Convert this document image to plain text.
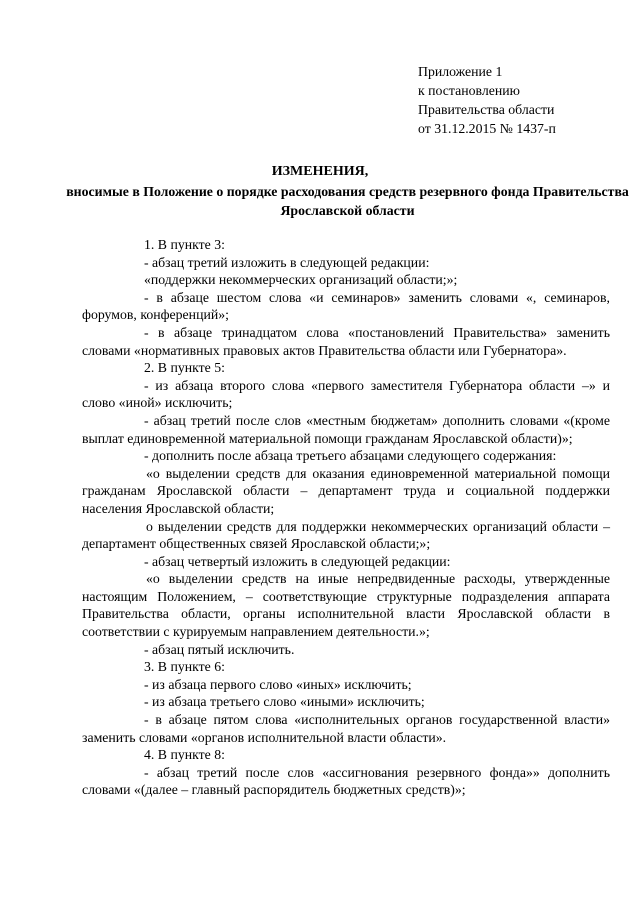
Приложение 1
к постановлению
Правительства области
от 31.12.2015 № 1437-п
ИЗМЕНЕНИЯ,
вносимые в Положение о порядке расходования средств резервного фонда Правительства Ярославской области

1. В пункте 3:

- абзац третий изложить в следующей редакции:

«поддержки некоммерческих организаций области;»;

- в абзаце шестом слова «и семинаров» заменить словами «, семинаров, форумов, конференций»;

- в абзаце тринадцатом слова «постановлений Правительства» заменить словами «нормативных правовых актов Правительства области или Губернатора».

2. В пункте 5:

- из абзаца второго слова «первого заместителя Губернатора области –» и слово «иной» исключить;

- абзац третий после слов «местным бюджетам» дополнить словами «(кроме выплат единовременной материальной помощи гражданам Ярославской области)»;

- дополнить после абзаца третьего абзацами следующего содержания:

«о выделении средств для оказания единовременной материальной помощи гражданам Ярославской области – департамент труда и социальной поддержки населения Ярославской области;

о выделении средств для поддержки некоммерческих организаций области – департамент общественных связей Ярославской области;»;

- абзац четвертый изложить в следующей редакции:

«о выделении средств на иные непредвиденные расходы, утвержденные настоящим Положением, – соответствующие структурные подразделения аппарата Правительства области, органы исполнительной власти Ярославской области в соответствии с курируемым направлением деятельности.»;

- абзац пятый исключить.

3. В пункте 6:

- из абзаца первого слово «иных» исключить;

- из абзаца третьего слово «иными» исключить;

- в абзаце пятом слова «исполнительных органов государственной власти» заменить словами «органов исполнительной власти области».

4. В пункте 8:

- абзац третий после слов «ассигнования резервного фонда»» дополнить словами «(далее – главный распорядитель бюджетных средств)»;
